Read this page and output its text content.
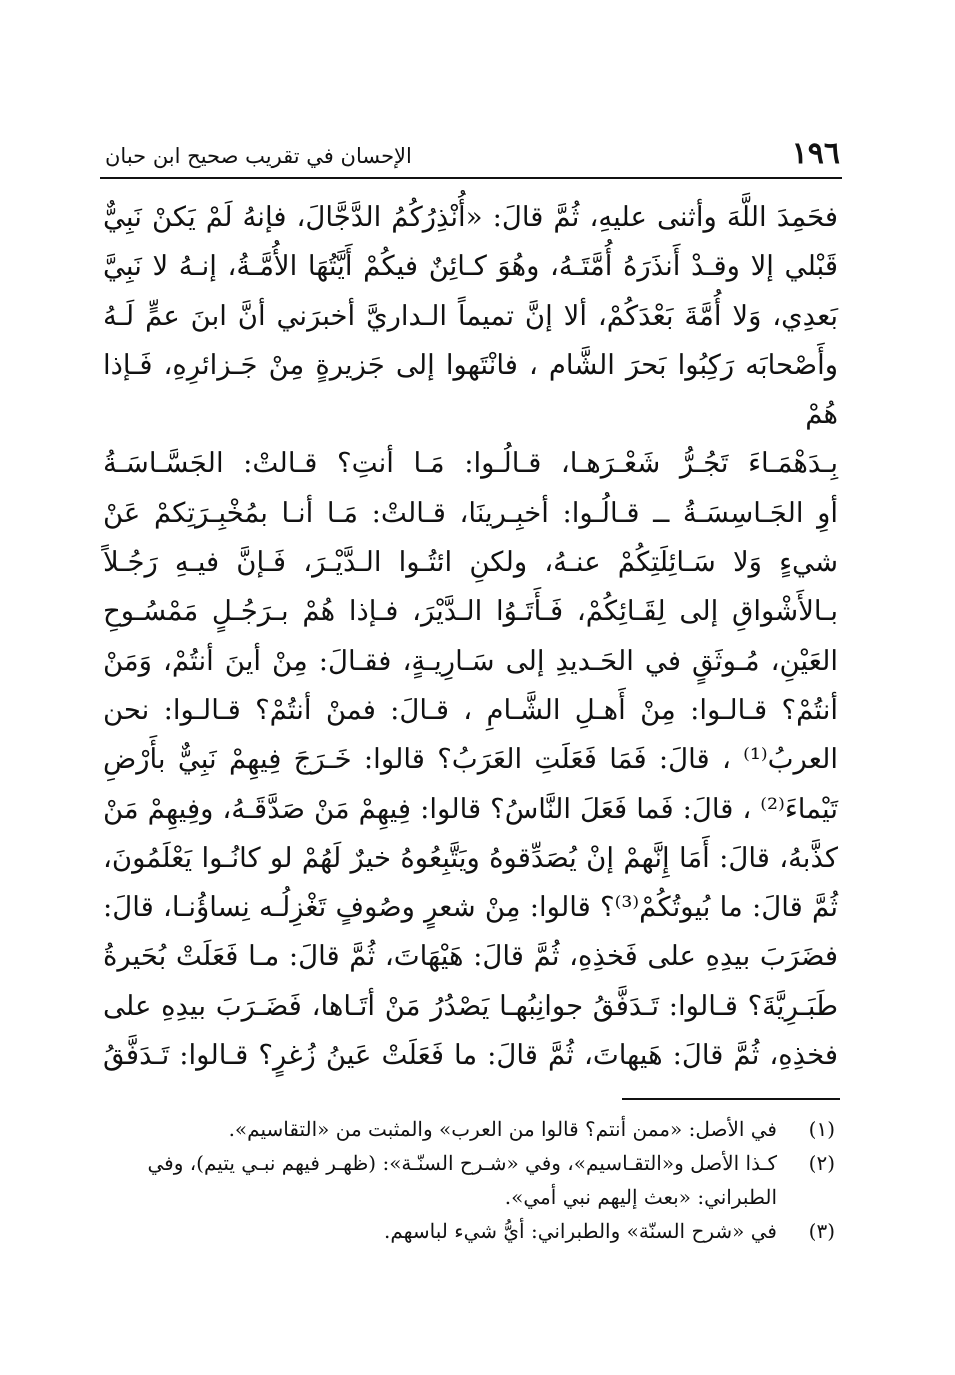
١٩٦
الإحسان في تقريب صحيح ابن حبان

فحَمِدَ اللَّهَ وأثنى عليهِ، ثُمَّ قالَ: «أُنْذِرُكُمُ الدَّجَّالَ، فإنهُ لَمْ يَكنْ نَبِيٌّ

قَبْلي إلا وقـدْ أَنذَرَهُ أُمَّتَـهُ، وهُوَ كـائِنٌ فيكُمْ أَيَّتُهَا الأُمَّـةُ، إنـهُ لا نَبِيَّ

بَعدِي، وَلا أُمَّةَ بَعْدَكُمْ، ألا إنَّ تميماً الـداريَّ أخبرَني أنَّ ابنَ عمٍّ لَـهُ

وأَصْحابَه رَكِبُوا بَحرَ الشَّام ، فانْتَهوا إلى جَزيرةٍ مِنْ جَـزائرِهِ، فَـإذا هُمْ

بِـدَهْمَـاءَ تَجُـرُّ شَعْـرَهـا، قـالُـوا: مَـا أنتِ؟ قـالتْ: الجَسَّـاسَـةُ

أوِ الجَـاسِسَـةُ ــ قـالُـوا: أخبِـرينَا، قـالتْ: مَـا أنـا بمُخْبِـرَتِكمْ عَنْ

شيءٍ وَلا سَـائِلَتِكُمْ عنـهُ، ولكنِ ائتُـوا الـدَّيْـرَ، فَـإنَّ فيـهِ رَجُـلاً

بـالأَشْواقِ إلى لِقَـائِكُمْ، فَـأَتَـوُا الـدَّيْرَ، فـإذا هُمْ بـرَجُـلٍ مَمْسُـوحِ

العَيْنِ، مُـوثَقٍ في الحَـديدِ إلى سَـارِيـةٍ، فقـالَ: مِنْ أينَ أنتُمْ، وَمَنْ

أنتُمْ؟ قـالـوا: مِنْ أَهـلِ الشَّـامِ ، قـالَ: فمنْ أنتُمْ؟ قـالـوا: نحن

العربُ⁽¹⁾ ، قالَ: فَمَا فَعَلَتِ العَرَبُ؟ قالوا: خَـرَجَ فِيهِمْ نَبِيٌّ بأَرْضِ

تَيْماءَ⁽²⁾ ، قالَ: فَما فَعَلَ النَّاسُ؟ قالوا: فِيهِمْ مَنْ صَدَّقَـهُ، وفِيهِمْ مَنْ

كذَّبهُ، قالَ: أَمَا إِنَّهمْ إنْ يُصَدِّقوهُ ويَتَّبِعُوهُ خيرٌ لَهُمْ لو كانُـوا يَعْلَمُونَ،

ثُمَّ قالَ: ما بُيوتُكُمْ⁽³⁾؟ قالوا: مِنْ شعرٍ وصُوفٍ تَغْزِلُـه نِساؤُنـا، قالَ:

فضَرَبَ بيدِهِ على فَخذِهِ، ثُمَّ قالَ: هَيْهَاتَ، ثُمَّ قالَ: مـا فَعَلَتْ بُحَيرةُ

طَبَـرِيَّةَ؟ قـالوا: تَـدَفَّقُ جوانِبُهـا يَصْدُرُ مَنْ أتَـاها، فَضَـرَبَ بيدِهِ على

فخذِهِ، ثُمَّ قالَ: هَيهاتَ، ثُمَّ قالَ: ما فَعَلَتْ عَينُ زُغرٍ؟ قـالوا: تَـدَفَّقُ

(١)
في الأصل: «ممن أنتم؟ قالوا من العرب» والمثبت من «التقاسيم».
(٢)
كـذا الأصل و«التقـاسيم»، وفي «شـرح السنّـة»: (ظهـر فيهم نبـي يتيم)، وفي
الطبراني: «بعث إليهم نبي أمي».
(٣)
في «شرح السنّة» والطبراني: أيُّ شيء لباسهم.
